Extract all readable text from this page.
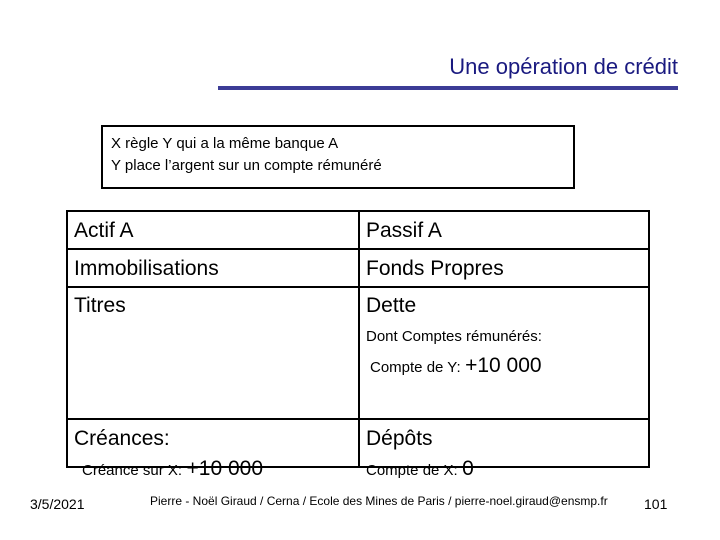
Une opération de crédit
X règle Y qui a la même banque A
Y place l’argent sur un compte rémunéré
Actif A	Passif A
Immobilisations	Fonds Propres
Titres	Dette
Dont Comptes rémunérés:
Compte de Y: +10 000
Créances:	Dépôts
Créance sur X: +10 000	Compte de X: 0
3/5/2021	Pierre - Noël Giraud / Cerna / Ecole des Mines de Paris / pierre-noel.giraud@ensmp.fr	101
